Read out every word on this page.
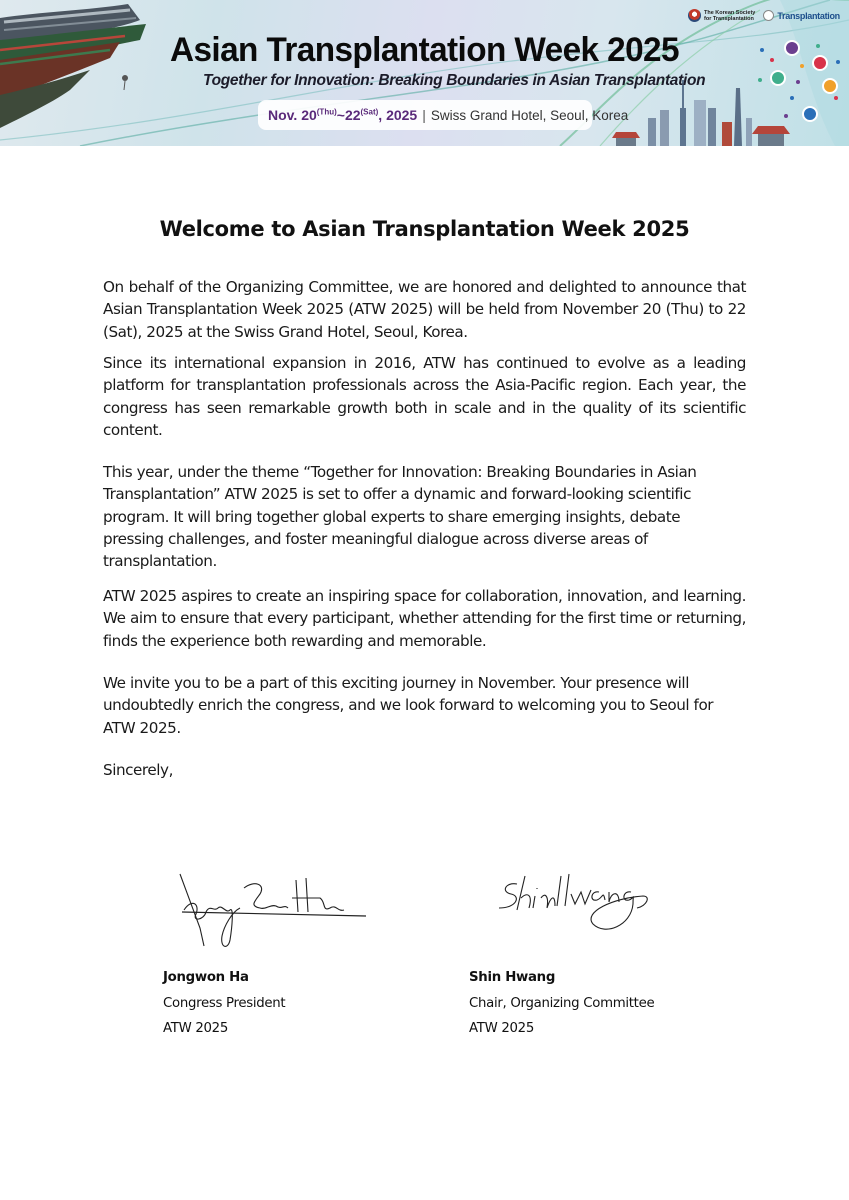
The Korean Society
for Transplantation	Transplantation
Asian Transplantation Week 2025
Together for Innovation: Breaking Boundaries in Asian Transplantation
Nov. $20^{(Thu)}\sim 22^{(Sat)}$, 2025 | Swiss Grand Hotel, Seoul, Korea
Welcome to Asian Transplantation Week 2025

On behalf of the Organizing Committee, we are honored and delighted to announce that Asian Transplantation Week 2025 (ATW 2025) will be held from November 20 (Thu) to 22 (Sat), 2025 at the Swiss Grand Hotel, Seoul, Korea.

Since its international expansion in 2016, ATW has continued to evolve as a leading platform for transplantation professionals across the Asia-Pacific region. Each year, the congress has seen remarkable growth both in scale and in the quality of its scientific content.

This year, under the theme “Together for Innovation: Breaking Boundaries in Asian Transplantation” ATW 2025 is set to offer a dynamic and forward-looking scientific program. It will bring together global experts to share emerging insights, debate pressing challenges, and foster meaningful dialogue across diverse areas of transplantation.

ATW 2025 aspires to create an inspiring space for collaboration, innovation, and learning. We aim to ensure that every participant, whether attending for the first time or returning, finds the experience both rewarding and memorable.

We invite you to be a part of this exciting journey in November. Your presence will undoubtedly enrich the congress, and we look forward to welcoming you to Seoul for ATW 2025.

Sincerely,

Jongwon Ha
Congress President
ATW 2025
Shin Hwang
Chair, Organizing Committee
ATW 2025
